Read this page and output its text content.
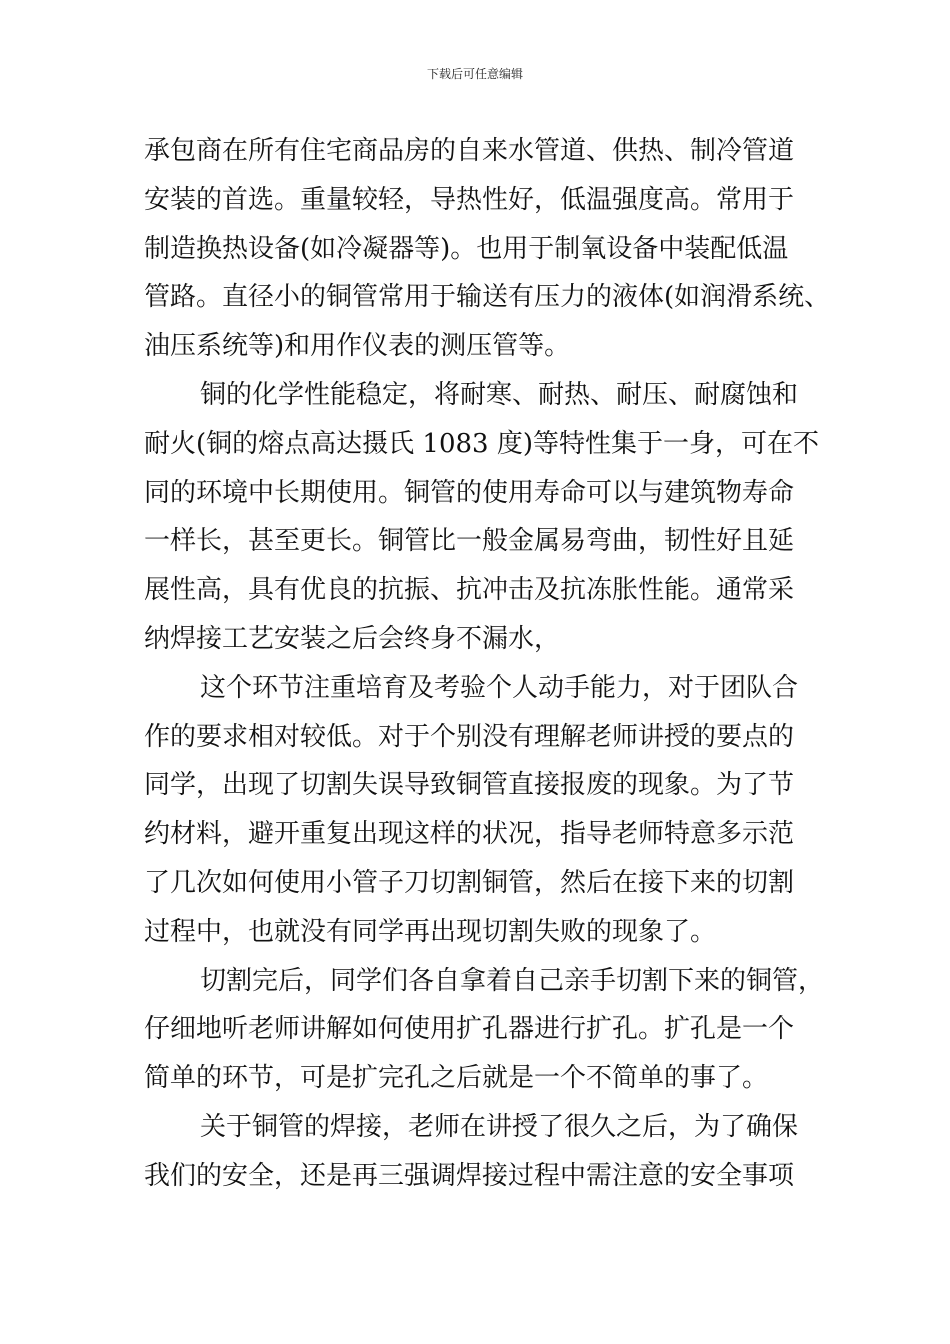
下载后可任意编辑
承包商在所有住宅商品房的自来水管道、供热、制冷管道
安装的首选。重量较轻，导热性好，低温强度高。常用于
制造换热设备(如冷凝器等)。也用于制氧设备中装配低温
管路。直径小的铜管常用于输送有压力的液体(如润滑系统、
油压系统等)和用作仪表的测压管等。
铜的化学性能稳定，将耐寒、耐热、耐压、耐腐蚀和
耐火(铜的熔点高达摄氏 1083 度)等特性集于一身，可在不
同的环境中长期使用。铜管的使用寿命可以与建筑物寿命
一样长，甚至更长。铜管比一般金属易弯曲，韧性好且延
展性高，具有优良的抗振、抗冲击及抗冻胀性能。通常采
纳焊接工艺安装之后会终身不漏水，
这个环节注重培育及考验个人动手能力，对于团队合
作的要求相对较低。对于个别没有理解老师讲授的要点的
同学，出现了切割失误导致铜管直接报废的现象。为了节
约材料，避开重复出现这样的状况，指导老师特意多示范
了几次如何使用小管子刀切割铜管，然后在接下来的切割
过程中，也就没有同学再出现切割失败的现象了。
切割完后，同学们各自拿着自己亲手切割下来的铜管，
仔细地听老师讲解如何使用扩孔器进行扩孔。扩孔是一个
简单的环节，可是扩完孔之后就是一个不简单的事了。
关于铜管的焊接，老师在讲授了很久之后，为了确保
我们的安全，还是再三强调焊接过程中需注意的安全事项
